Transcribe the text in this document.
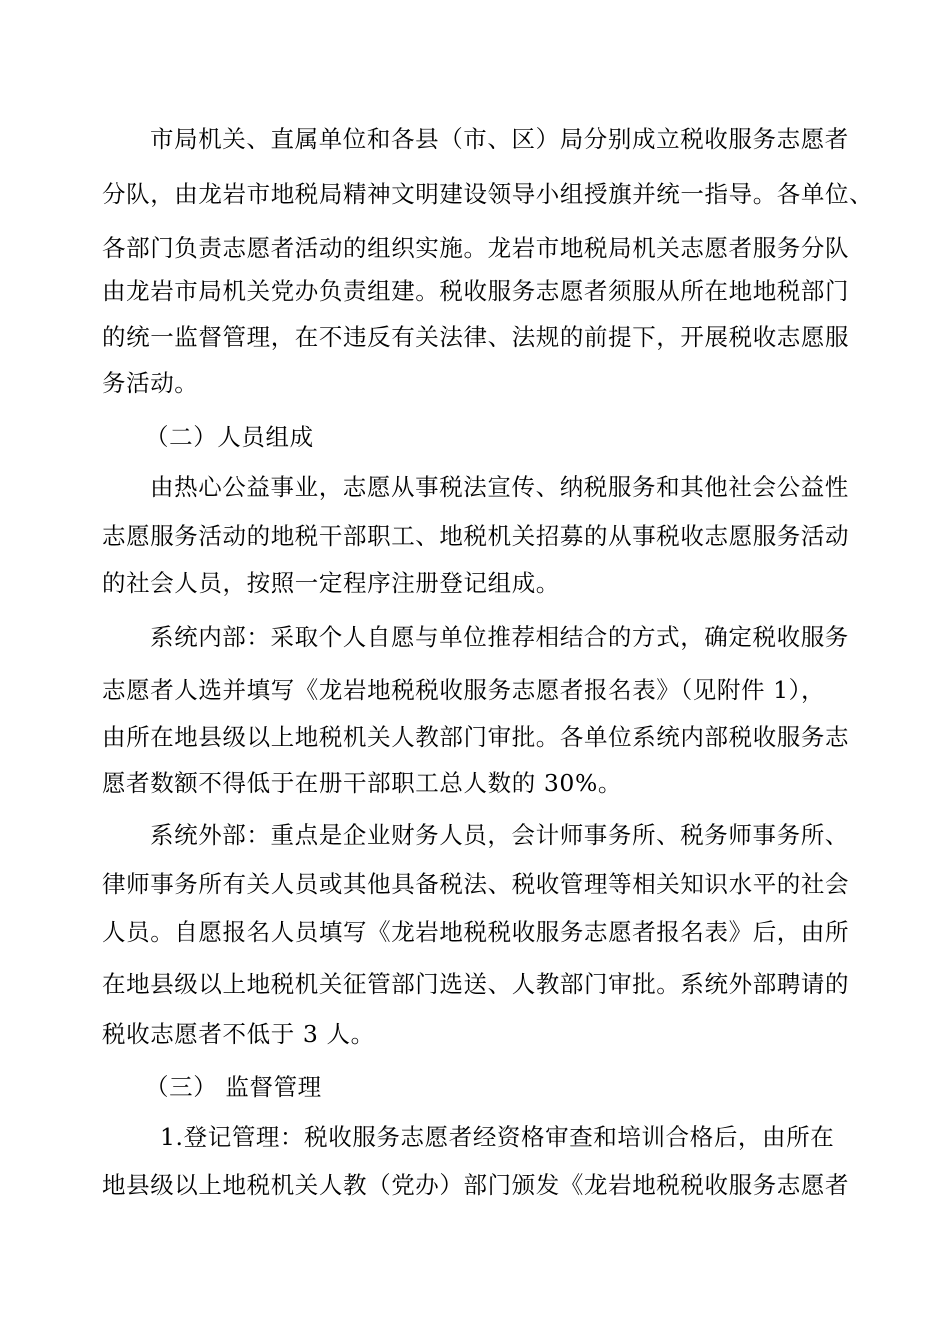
市局机关、直属单位和各县（市、区）局分别成立税收服务志愿者
分队，由龙岩市地税局精神文明建设领导小组授旗并统一指导。各单位、
各部门负责志愿者活动的组织实施。龙岩市地税局机关志愿者服务分队
由龙岩市局机关党办负责组建。税收服务志愿者须服从所在地地税部门
的统一监督管理，在不违反有关法律、法规的前提下，开展税收志愿服
务活动。
（二）人员组成
由热心公益事业，志愿从事税法宣传、纳税服务和其他社会公益性
志愿服务活动的地税干部职工、地税机关招募的从事税收志愿服务活动
的社会人员，按照一定程序注册登记组成。
系统内部：采取个人自愿与单位推荐相结合的方式，确定税收服务
志愿者人选并填写《龙岩地税税收服务志愿者报名表》（见附件 1），
由所在地县级以上地税机关人教部门审批。各单位系统内部税收服务志
愿者数额不得低于在册干部职工总人数的 30%。
系统外部：重点是企业财务人员，会计师事务所、税务师事务所、
律师事务所有关人员或其他具备税法、税收管理等相关知识水平的社会
人员。自愿报名人员填写《龙岩地税税收服务志愿者报名表》后，由所
在地县级以上地税机关征管部门选送、人教部门审批。系统外部聘请的
税收志愿者不低于 3 人。
（三） 监督管理
1.登记管理：税收服务志愿者经资格审查和培训合格后，由所在
地县级以上地税机关人教（党办）部门颁发《龙岩地税税收服务志愿者
